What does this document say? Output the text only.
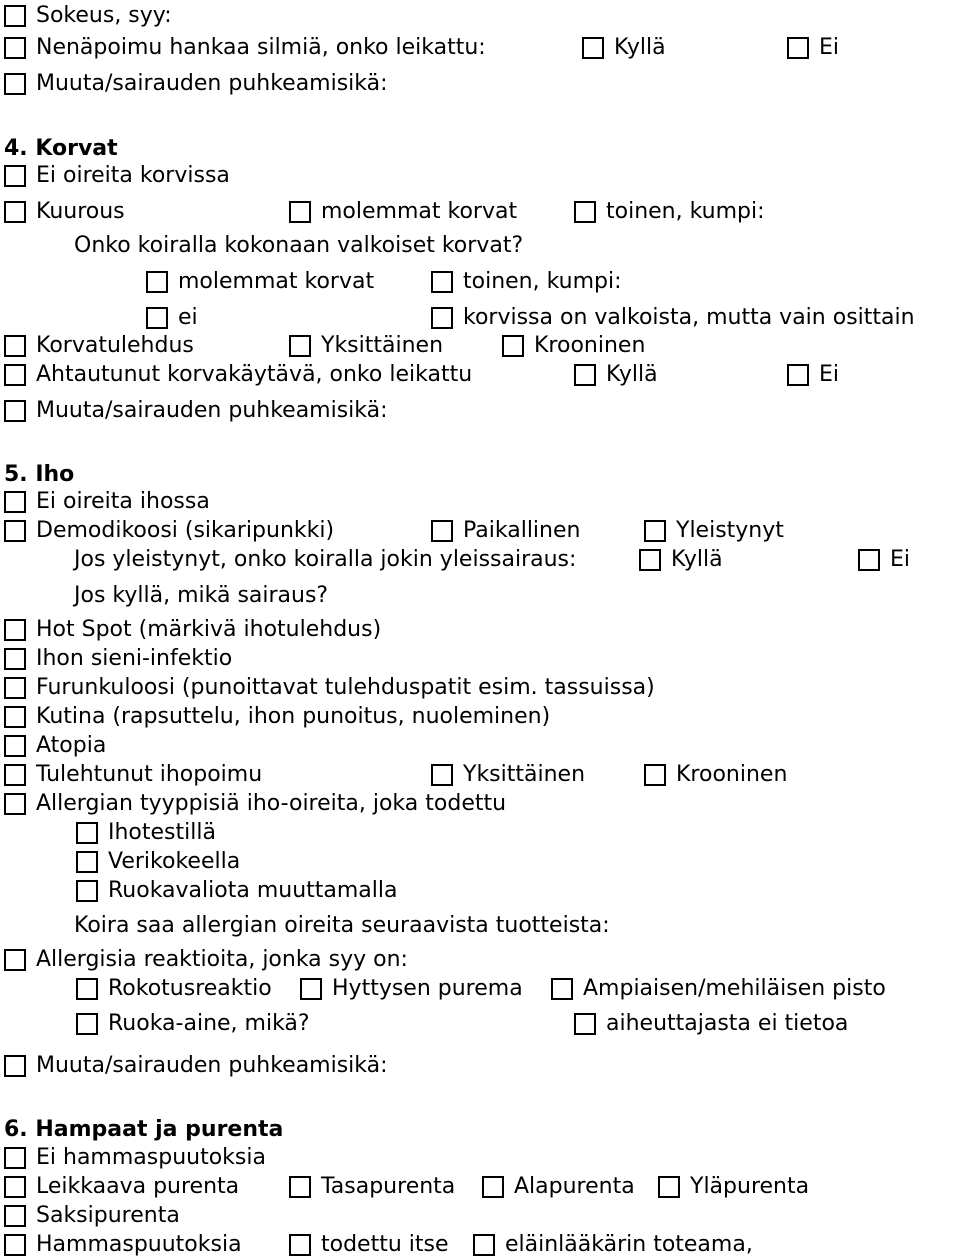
Sokeus, syy:
Nenäpoimu hankaa silmiä, onko leikattu:	Kyllä	Ei
Muuta/sairauden puhkeamisikä:
4. Korvat
Ei oireita korvissa
Kuurous	molemmat korvat	toinen, kumpi:
Onko koiralla kokonaan valkoiset korvat?
molemmat korvat	toinen, kumpi:
ei	korvissa on valkoista, mutta vain osittain
Korvatulehdus	Yksittäinen	Krooninen
Ahtautunut korvakäytävä, onko leikattu	Kyllä	Ei
Muuta/sairauden puhkeamisikä:
5. Iho
Ei oireita ihossa
Demodikoosi (sikaripunkki)	Paikallinen	Yleistynyt
Jos yleistynyt, onko koiralla jokin yleissairaus:	Kyllä	Ei
Jos kyllä, mikä sairaus?
Hot Spot (märkivä ihotulehdus)
Ihon sieni-infektio
Furunkuloosi (punoittavat tulehduspatit esim. tassuissa)
Kutina (rapsuttelu, ihon punoitus, nuoleminen)
Atopia
Tulehtunut ihopoimu	Yksittäinen	Krooninen
Allergian tyyppisiä iho-oireita, joka todettu
Ihotestillä
Verikokeella
Ruokavaliota muuttamalla
Koira saa allergian oireita seuraavista tuotteista:
Allergisia reaktioita, jonka syy on:
Rokotusreaktio	Hyttysen purema	Ampiaisen/mehiläisen pisto
Ruoka-aine, mikä?	aiheuttajasta ei tietoa
Muuta/sairauden puhkeamisikä:
6. Hampaat ja purenta
Ei hammaspuutoksia
Leikkaava purenta	Tasapurenta	Alapurenta	Yläpurenta
Saksipurenta
Hammaspuutoksia	todettu itse	eläinlääkärin toteama,
